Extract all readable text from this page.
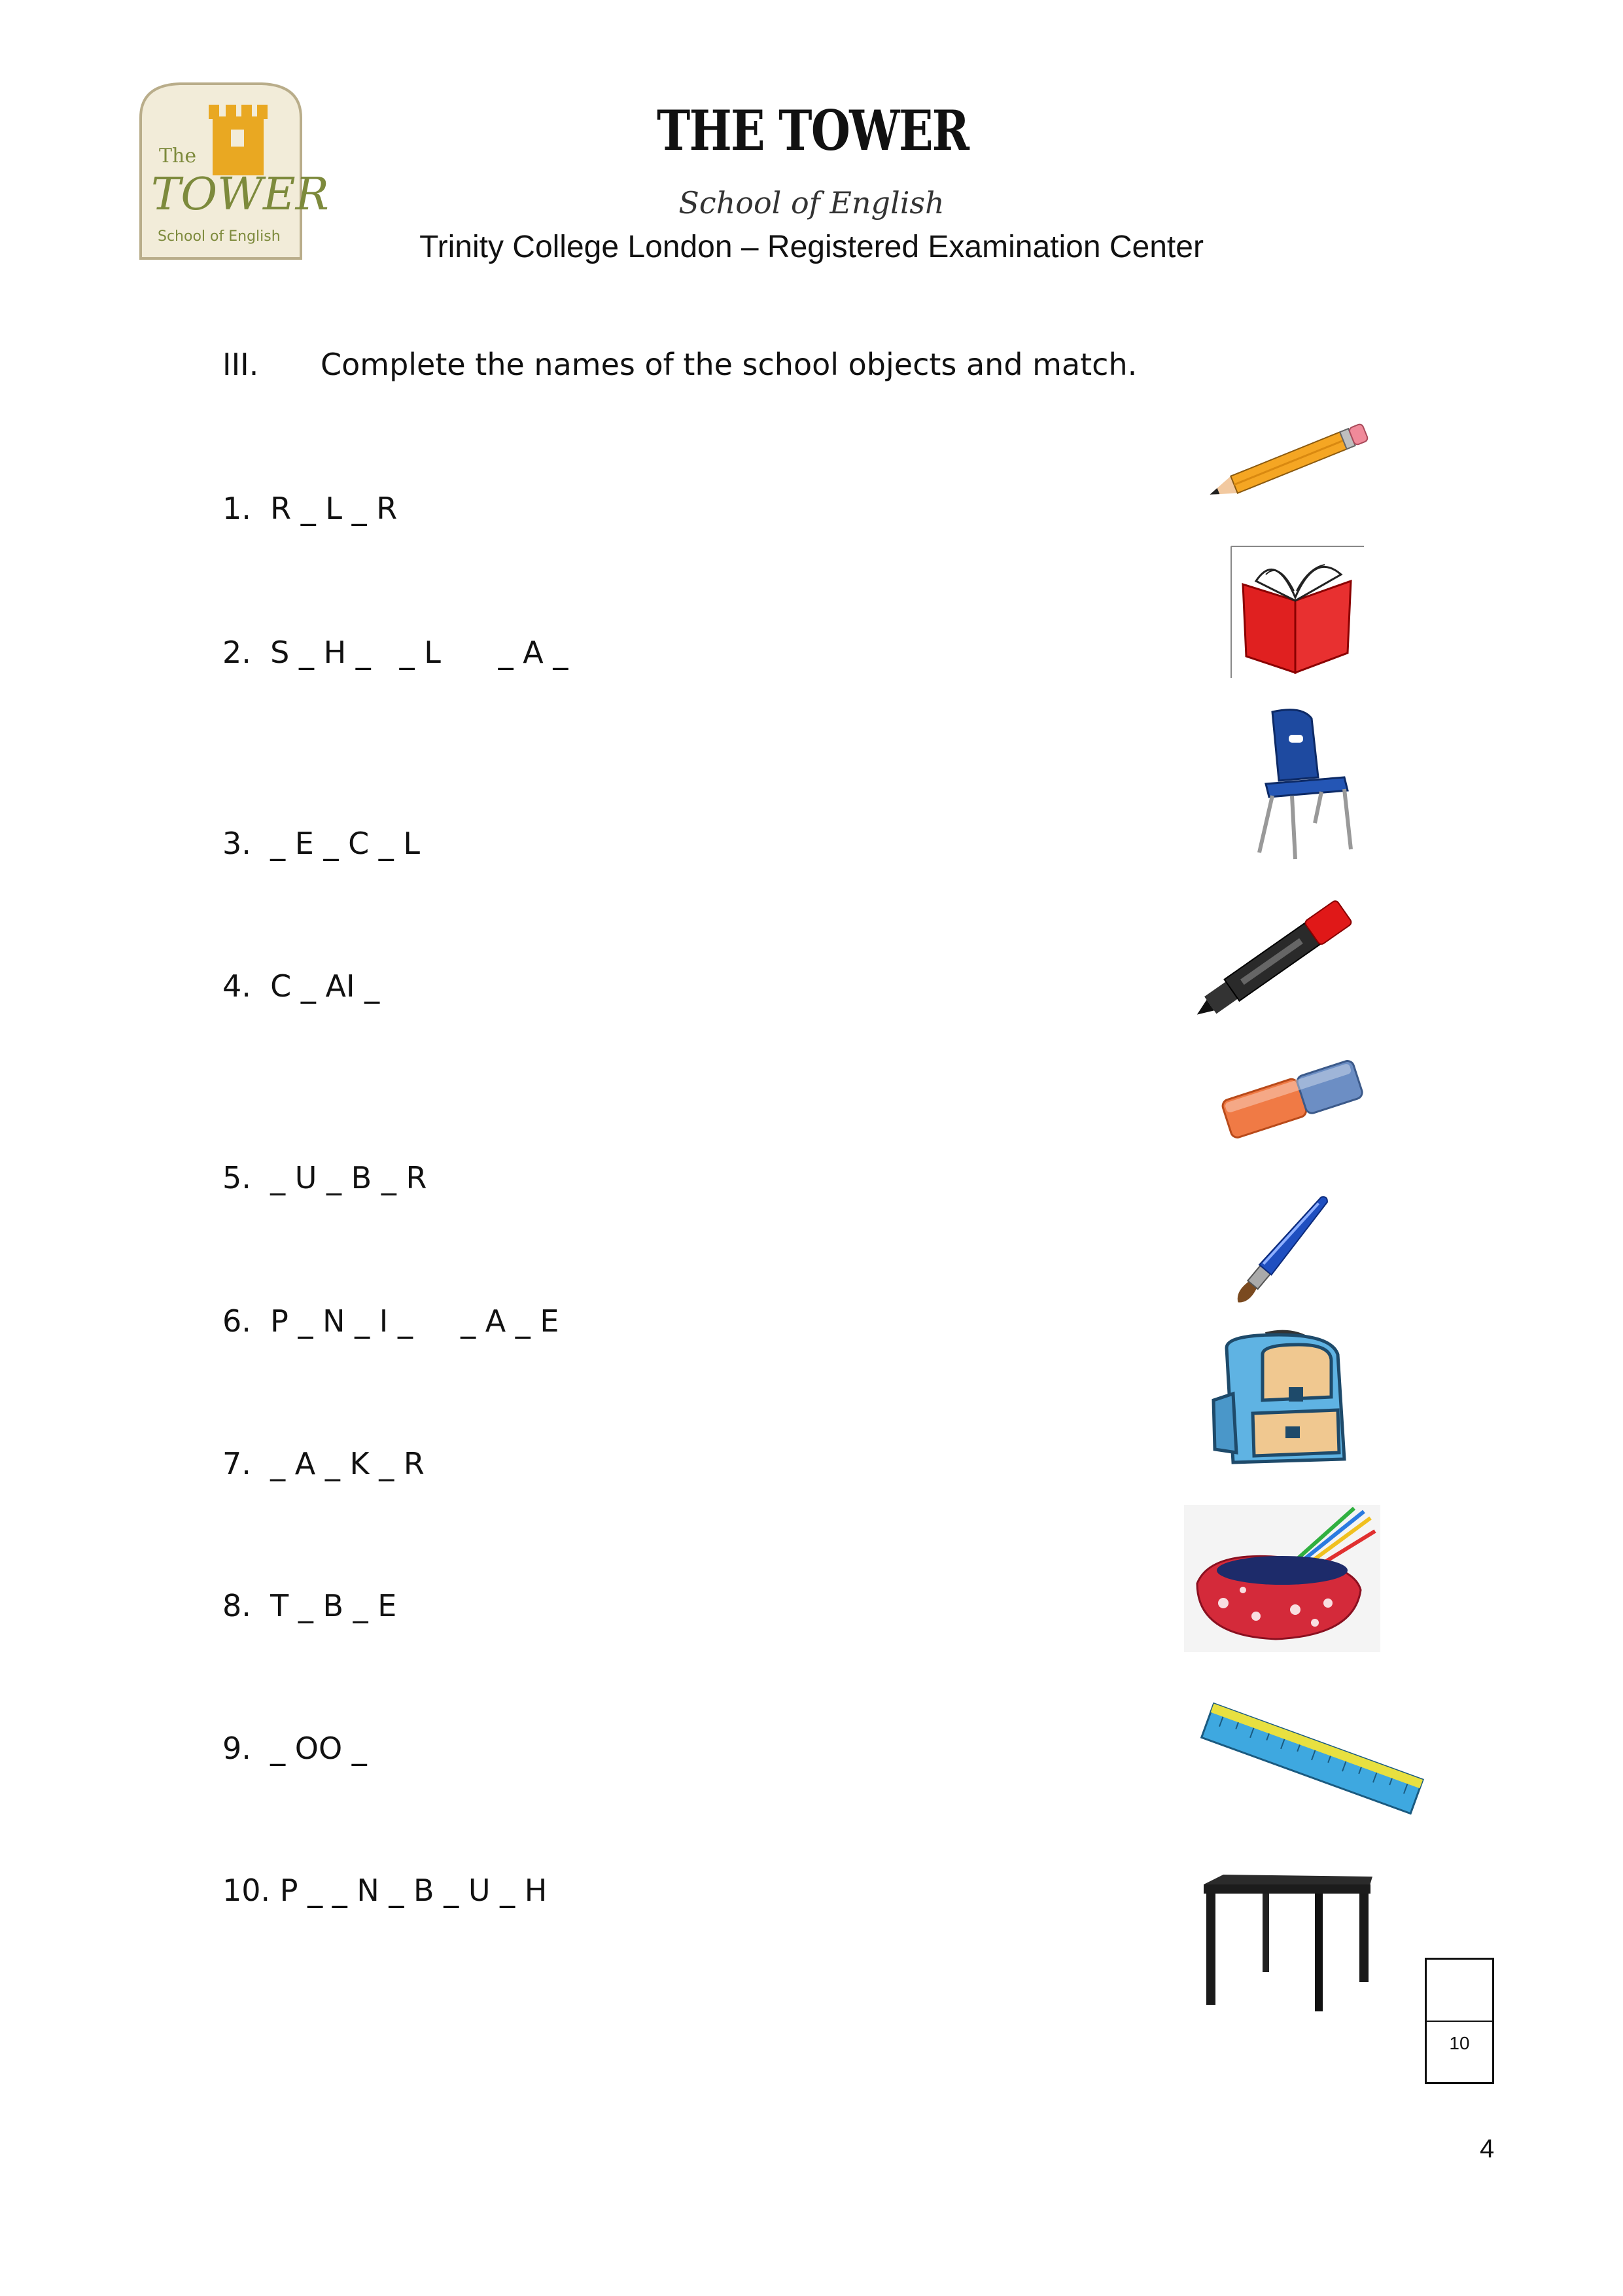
The
TOWER
School of English
THE TOWER
School of English
Trinity College London – Registered Examination Center
III. Complete the names of the school objects and match.
1.  R _ L _ R
2.  S _ H _   _ L      _ A _
3.  _ E _ C _ L
4.  C _ AI _
5.  _ U _ B _ R
6.  P _ N _ I _     _ A _ E
7.  _ A _ K _ R
8.  T _ B _ E
9.  _ OO _
10. P _ _ N _ B _ U _ H
10
4
